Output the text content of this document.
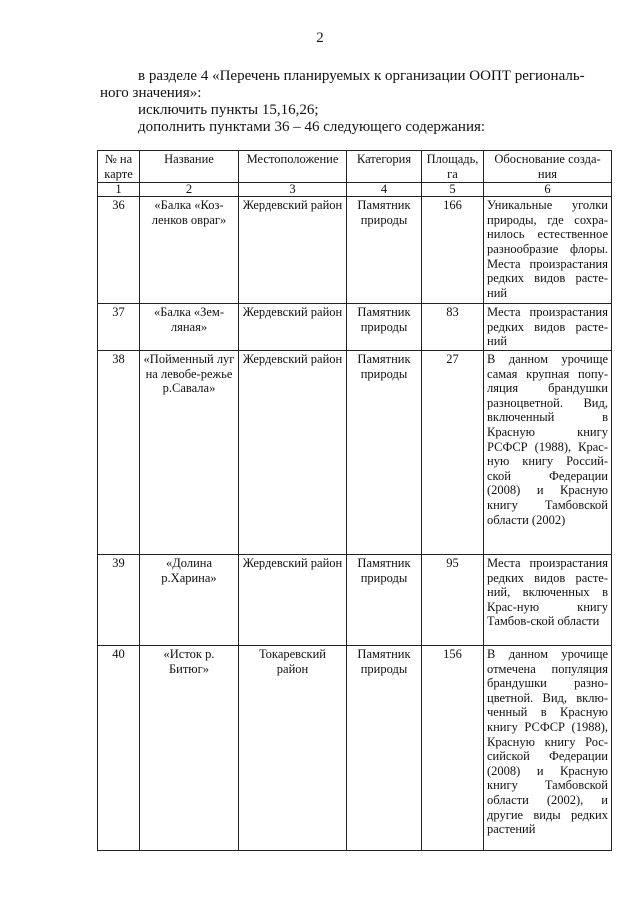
2
в разделе 4 «Перечень планируемых к организации ООПТ региональ-
ного значения»:
исключить пункты 15,16,26;
дополнить пунктами 36 – 46 следующего содержания:
№ на карте	Название	Местоположение	Категория	Площадь, га	Обоснование созда-ния
1	2	3	4	5	6
36	«Балка «Коз-ленков овраг»	Жердевский район	Памятник природы	166	Уникальные уголки природы, где сохра-нилось естественное разнообразие флоры. Места произрастания редких видов расте-ний
37	«Балка «Зем-ляная»	Жердевский район	Памятник природы	83	Места произрастания редких видов расте-ний
38	«Пойменный луг на левобе-режье р.Савала»	Жердевский район	Памятник природы	27	В данном урочище самая крупная попу-ляция брандушки разноцветной. Вид, включенный в Красную книгу РСФСР (1988), Крас-ную книгу Россий-ской Федерации (2008) и Красную книгу Тамбовской области (2002)
39	«Долина р.Харина»	Жердевский район	Памятник природы	95	Места произрастания редких видов расте-ний, включенных в Крас-ную книгу Тамбов-ской области
40	«Исток р. Битюг»	Токаревский район	Памятник природы	156	В данном урочище отмечена популяция брандушки разно-цветной. Вид, вклю-ченный в Красную книгу РСФСР (1988), Красную книгу Рос-сийской Федерации (2008) и Красную книгу Тамбовской области (2002), и другие виды редких растений
